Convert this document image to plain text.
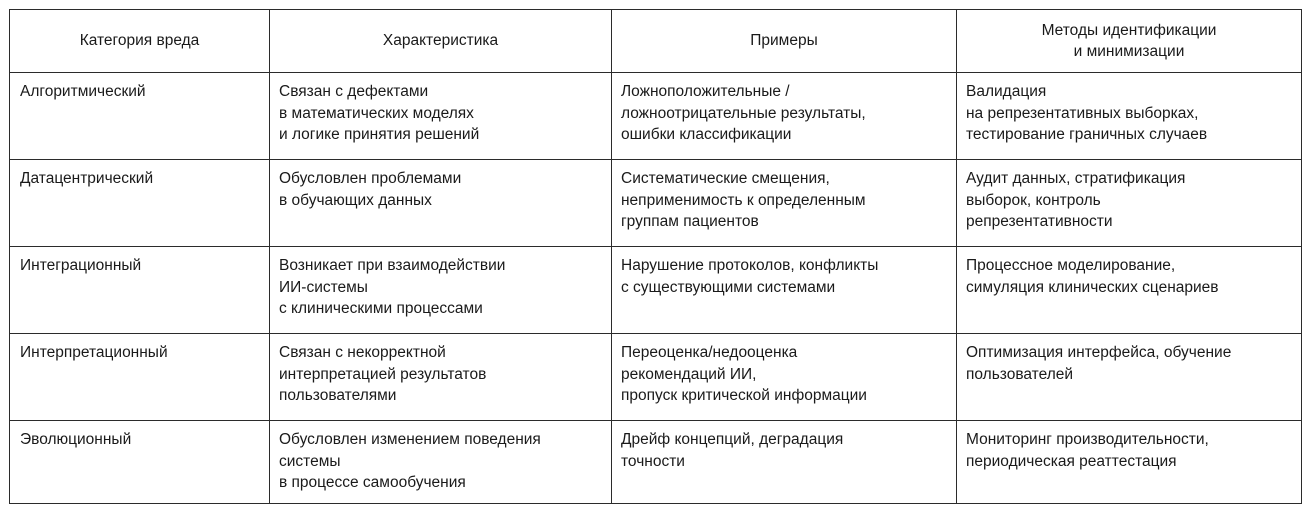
Категория вреда	Характеристика	Примеры	Методы идентификации
и минимизации

Алгоритмический	Связан с дефектами
в математических моделях
и логике принятия решений	Ложноположительные /
ложноотрицательные результаты,
ошибки классификации	Валидация
на репрезентативных выборках,
тестирование граничных случаев

Датацентрический	Обусловлен проблемами
в обучающих данных	Систематические смещения,
неприменимость к определенным
группам пациентов	Аудит данных, стратификация
выборок, контроль
репрезентативности

Интеграционный	Возникает при взаимодействии
ИИ-системы
с клиническими процессами	Нарушение протоколов, конфликты
с существующими системами	Процессное моделирование,
симуляция клинических сценариев

Интерпретационный	Связан с некорректной
интерпретацией результатов
пользователями	Переоценка/недооценка
рекомендаций ИИ,
пропуск критической информации	Оптимизация интерфейса, обучение
пользователей

Эволюционный	Обусловлен изменением поведения
системы
в процессе самообучения	Дрейф концепций, деградация
точности	Мониторинг производительности,
периодическая реаттестация
